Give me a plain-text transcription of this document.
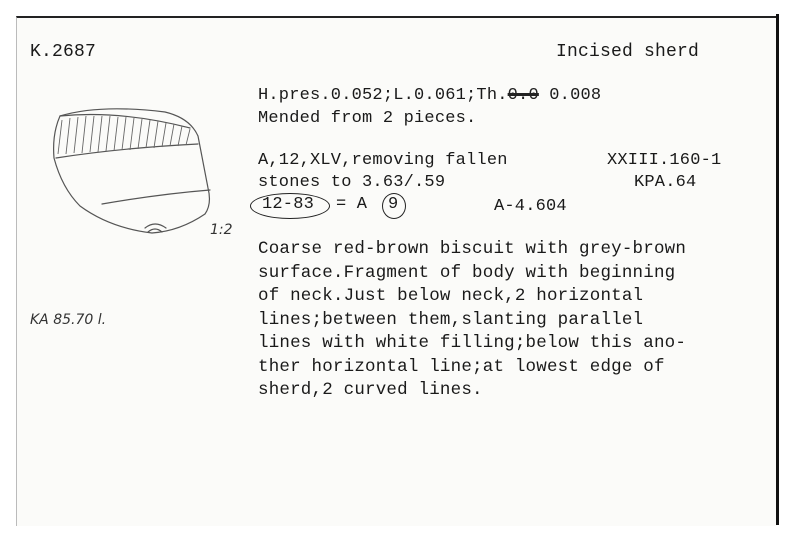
K.2687	Incised sherd
H.pres.0.052;L.0.061;Th.0.0 0.008
Mended from 2 pieces.
A,12,XLV,removing fallen
stones to 3.63/.59
XXIII.160-1
KPA.64
12-83 = A 9	A-4.604
Coarse red-brown biscuit with grey-brown
surface.Fragment of body with beginning
of neck.Just below neck,2 horizontal
lines;between them,slanting parallel
lines with white filling;below this ano-
ther horizontal line;at lowest edge of
sherd,2 curved lines.
1:2
KA 85.70 l.
